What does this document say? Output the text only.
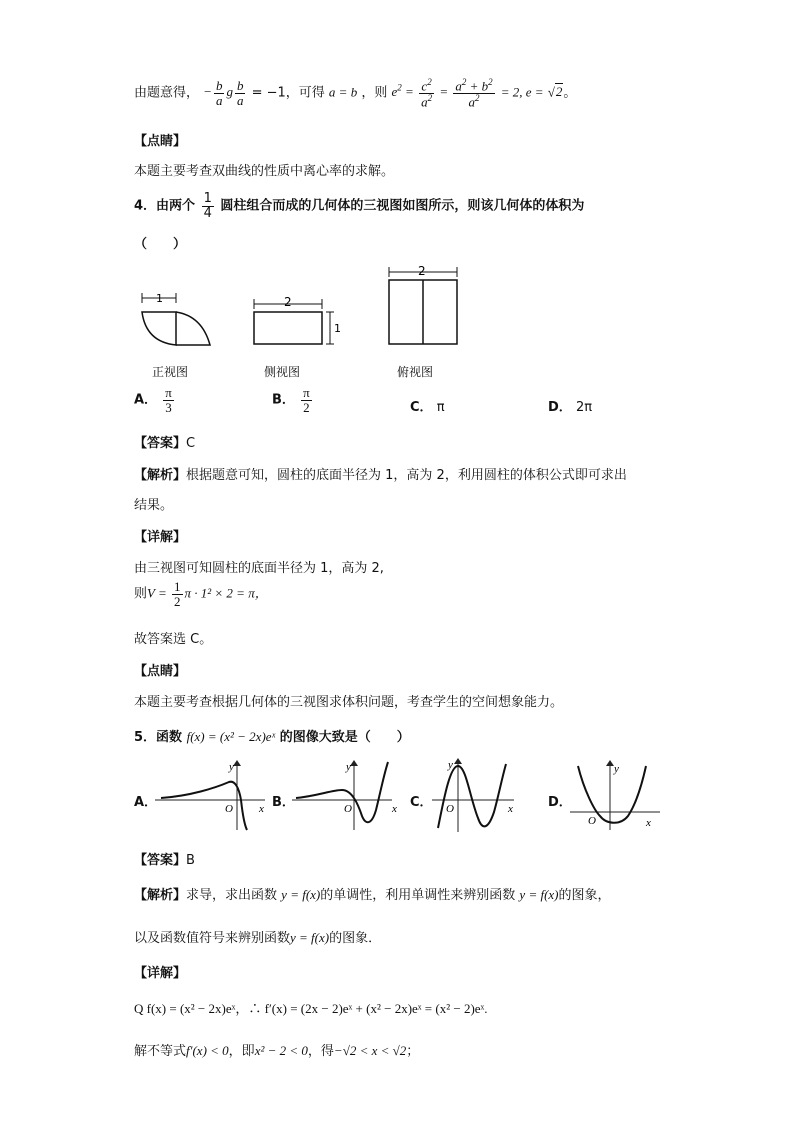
由题意得， − $\frac{b}{a}$ g $\frac{b}{a} = -1$，可得 a = b ，则 $e^2 = \frac{c^2}{a^2} = \frac{a^2 + b^2}{a^2} = 2$, e = √2。
【点睛】
本题主要考查双曲线的性质中离心率的求解。
4．由两个 $\frac{1}{4}$ 圆柱组合而成的几何体的三视图如图所示，则该几何体的体积为
（　　）
1	2
1
2
正视图	侧视图	俯视图
A． $\frac{\pi}{3}$	B． $\frac{\pi}{2}$	C． π	D． 2π
【答案】C
【解析】根据题意可知，圆柱的底面半径为 1，高为 2，利用圆柱的体积公式即可求出
结果。
【详解】
由三视图可知圆柱的底面半径为 1，高为 2,
则$V = \frac{1}{2}$ π · 1² × 2 = π，
故答案选 C。
【点睛】
本题主要考查根据几何体的三视图求体积问题，考查学生的空间想象能力。
5．函数 f(x) = (x² − 2x)eˣ 的图像大致是（　　）
A．
y
x
O	B．
y
x
O	C．
y
x
O	D．
y
x
O
【答案】B
【解析】求导，求出函数 y = f(x)的单调性，利用单调性来辨别函数 y = f(x)的图象，
以及函数值符号来辨别函数y = f(x)的图象．
【详解】
Q f(x) = (x² − 2x)eˣ，∴ f′(x) = (2x − 2)eˣ + (x² − 2x)eˣ = (x² − 2)eˣ.
解不等式f′(x) < 0，即x² − 2 < 0，得−√2 < x < √2；
